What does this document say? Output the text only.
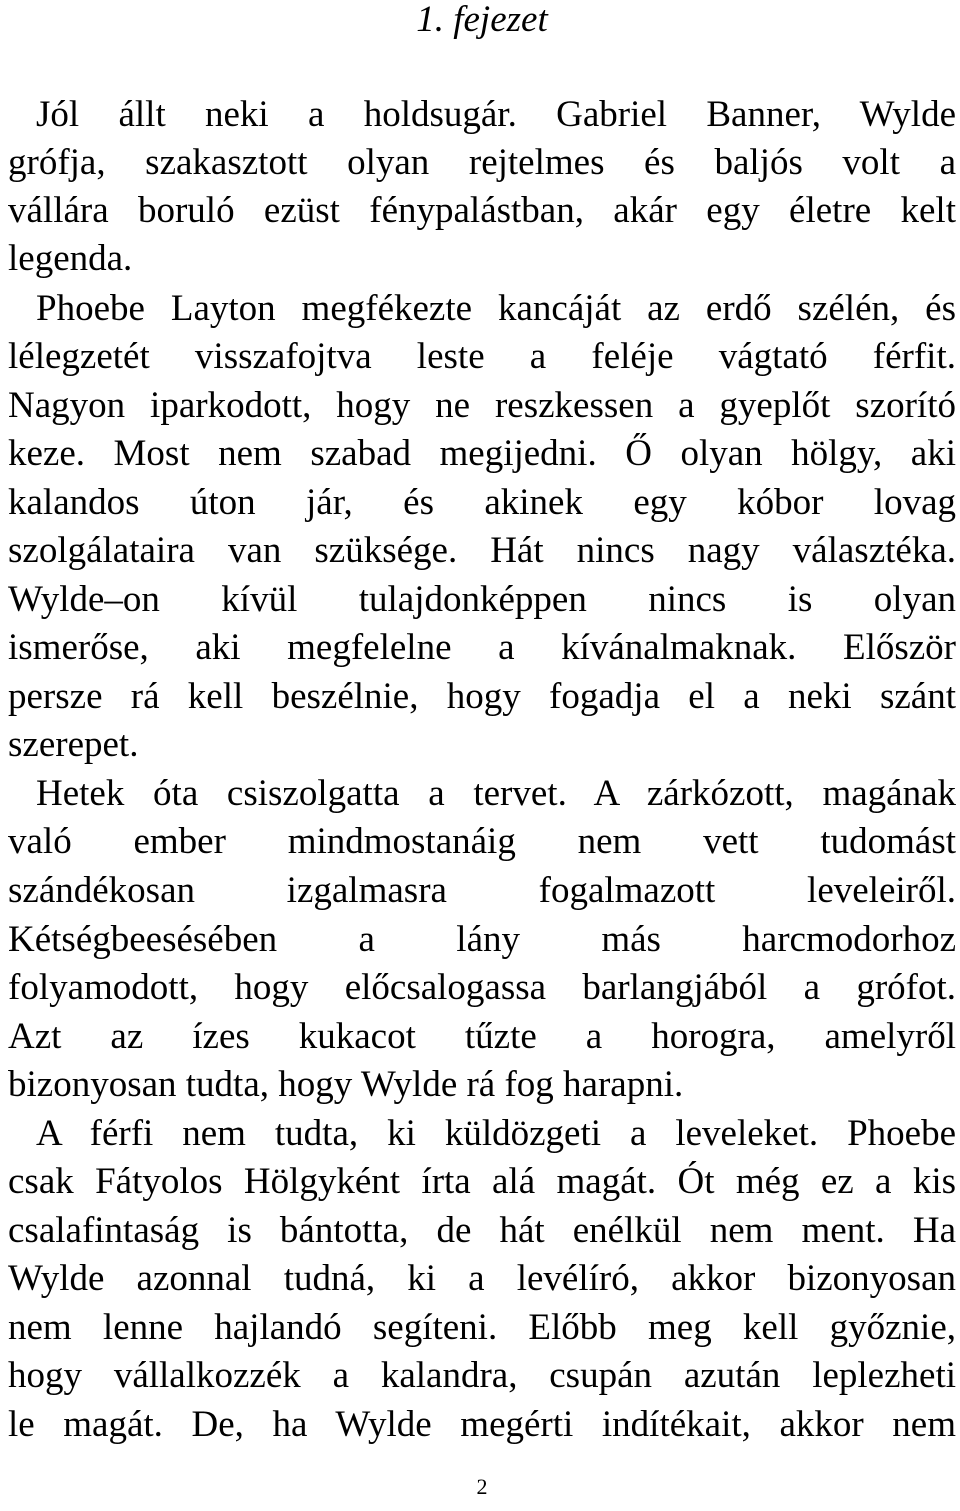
1. fejezet
Jól állt neki a holdsugár. Gabriel Banner, Wylde
grófja, szakasztott olyan rejtelmes és baljós volt a
vállára boruló ezüst fénypalástban, akár egy életre kelt
legenda.
Phoebe Layton megfékezte kancáját az erdő szélén, és
lélegzetét visszafojtva leste a feléje vágtató férfit.
Nagyon iparkodott, hogy ne reszkessen a gyeplőt szorító
keze. Most nem szabad megijedni. Ő olyan hölgy, aki
kalandos úton jár, és akinek egy kóbor lovag
szolgálataira van szüksége. Hát nincs nagy választéka.
Wylde–on kívül tulajdonképpen nincs is olyan
ismerőse, aki megfelelne a kívánalmaknak. Először
persze rá kell beszélnie, hogy fogadja el a neki szánt
szerepet.
Hetek óta csiszolgatta a tervet. A zárkózott, magának
való ember mindmostanáig nem vett tudomást
szándékosan izgalmasra fogalmazott leveleiről.
Kétségbeesésében a lány más harcmodorhoz
folyamodott, hogy előcsalogassa barlangjából a grófot.
Azt az ízes kukacot tűzte a horogra, amelyről
bizonyosan tudta, hogy Wylde rá fog harapni.
A férfi nem tudta, ki küldözgeti a leveleket. Phoebe
csak Fátyolos Hölgyként írta alá magát. Ót még ez a kis
csalafintaság is bántotta, de hát enélkül nem ment. Ha
Wylde azonnal tudná, ki a levélíró, akkor bizonyosan
nem lenne hajlandó segíteni. Előbb meg kell győznie,
hogy vállalkozzék a kalandra, csupán azután leplezheti
le magát. De, ha Wylde megérti indítékait, akkor nem
2
